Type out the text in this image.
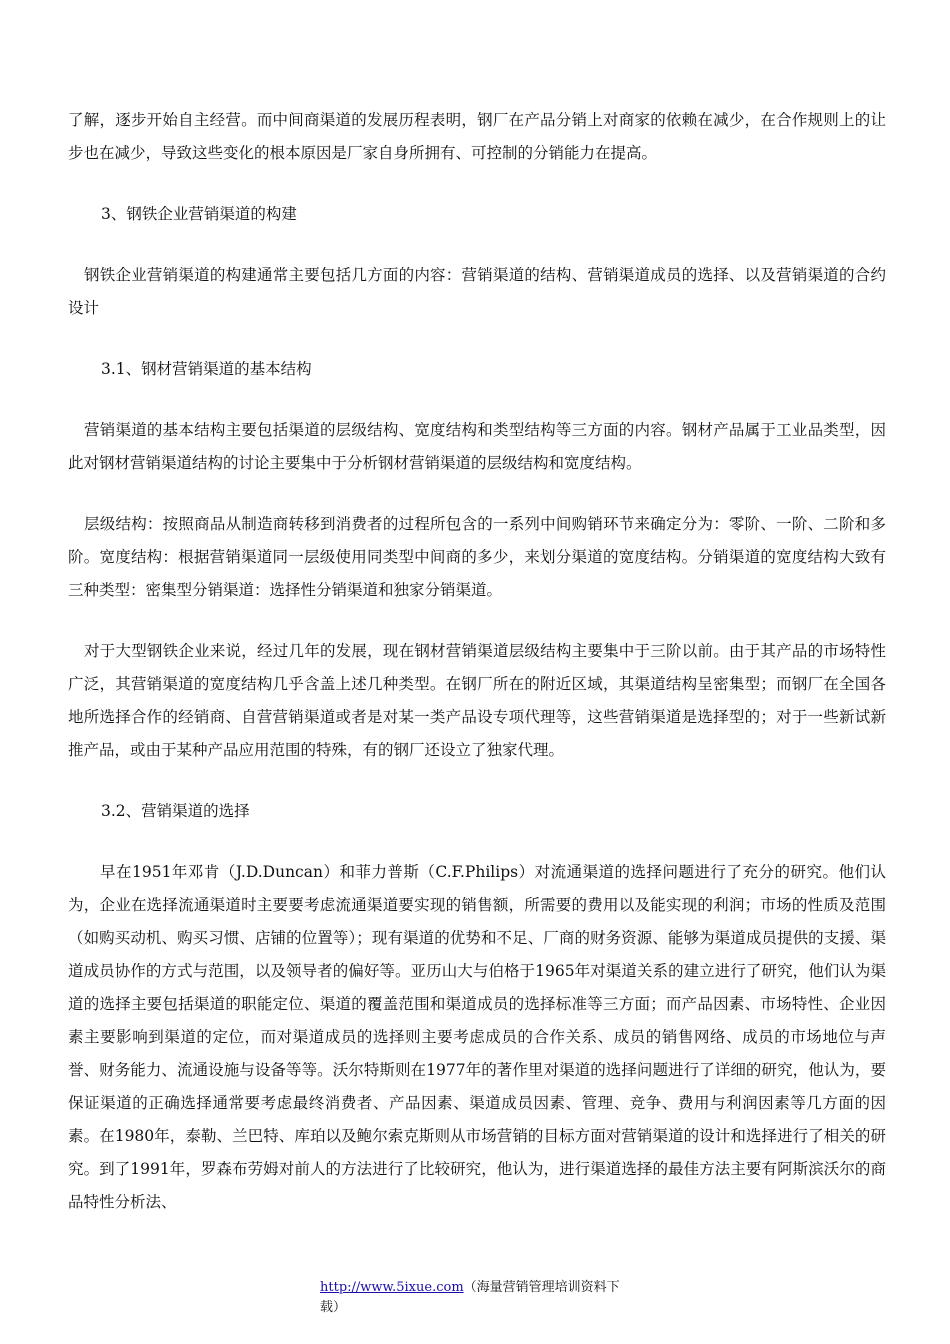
了解，逐步开始自主经营。而中间商渠道的发展历程表明，钢厂在产品分销上对商家的依赖在减少，在合作规则上的让步也在减少，导致这些变化的根本原因是厂家自身所拥有、可控制的分销能力在提高。

3、钢铁企业营销渠道的构建

钢铁企业营销渠道的构建通常主要包括几方面的内容：营销渠道的结构、营销渠道成员的选择、以及营销渠道的合约设计

3.1、钢材营销渠道的基本结构

营销渠道的基本结构主要包括渠道的层级结构、宽度结构和类型结构等三方面的内容。钢材产品属于工业品类型，因此对钢材营销渠道结构的讨论主要集中于分析钢材营销渠道的层级结构和宽度结构。

层级结构：按照商品从制造商转移到消费者的过程所包含的一系列中间购销环节来确定分为：零阶、一阶、二阶和多阶。宽度结构：根据营销渠道同一层级使用同类型中间商的多少，来划分渠道的宽度结构。分销渠道的宽度结构大致有三种类型：密集型分销渠道：选择性分销渠道和独家分销渠道。

对于大型钢铁企业来说，经过几年的发展，现在钢材营销渠道层级结构主要集中于三阶以前。由于其产品的市场特性广泛，其营销渠道的宽度结构几乎含盖上述几种类型。在钢厂所在的附近区域，其渠道结构呈密集型；而钢厂在全国各地所选择合作的经销商、自营营销渠道或者是对某一类产品设专项代理等，这些营销渠道是选择型的；对于一些新试新推产品，或由于某种产品应用范围的特殊，有的钢厂还设立了独家代理。

3.2、营销渠道的选择

早在1951年邓肯（J.D.Duncan）和菲力普斯（C.F.Philips）对流通渠道的选择问题进行了充分的研究。他们认为，企业在选择流通渠道时主要要考虑流通渠道要实现的销售额，所需要的费用以及能实现的利润；市场的性质及范围（如购买动机、购买习惯、店铺的位置等）；现有渠道的优势和不足、厂商的财务资源、能够为渠道成员提供的支援、渠道成员协作的方式与范围，以及领导者的偏好等。亚历山大与伯格于1965年对渠道关系的建立进行了研究，他们认为渠道的选择主要包括渠道的职能定位、渠道的覆盖范围和渠道成员的选择标准等三方面；而产品因素、市场特性、企业因素主要影响到渠道的定位，而对渠道成员的选择则主要考虑成员的合作关系、成员的销售网络、成员的市场地位与声誉、财务能力、流通设施与设备等等。沃尔特斯则在1977年的著作里对渠道的选择问题进行了详细的研究，他认为，要保证渠道的正确选择通常要考虑最终消费者、产品因素、渠道成员因素、管理、竞争、费用与利润因素等几方面的因素。在1980年，泰勒、兰巴特、库珀以及鲍尔索克斯则从市场营销的目标方面对营销渠道的设计和选择进行了相关的研究。到了1991年，罗森布劳姆对前人的方法进行了比较研究，他认为，进行渠道选择的最佳方法主要有阿斯滨沃尔的商品特性分析法、

http://www.5ixue.com（海量营销管理培训资料下载）
